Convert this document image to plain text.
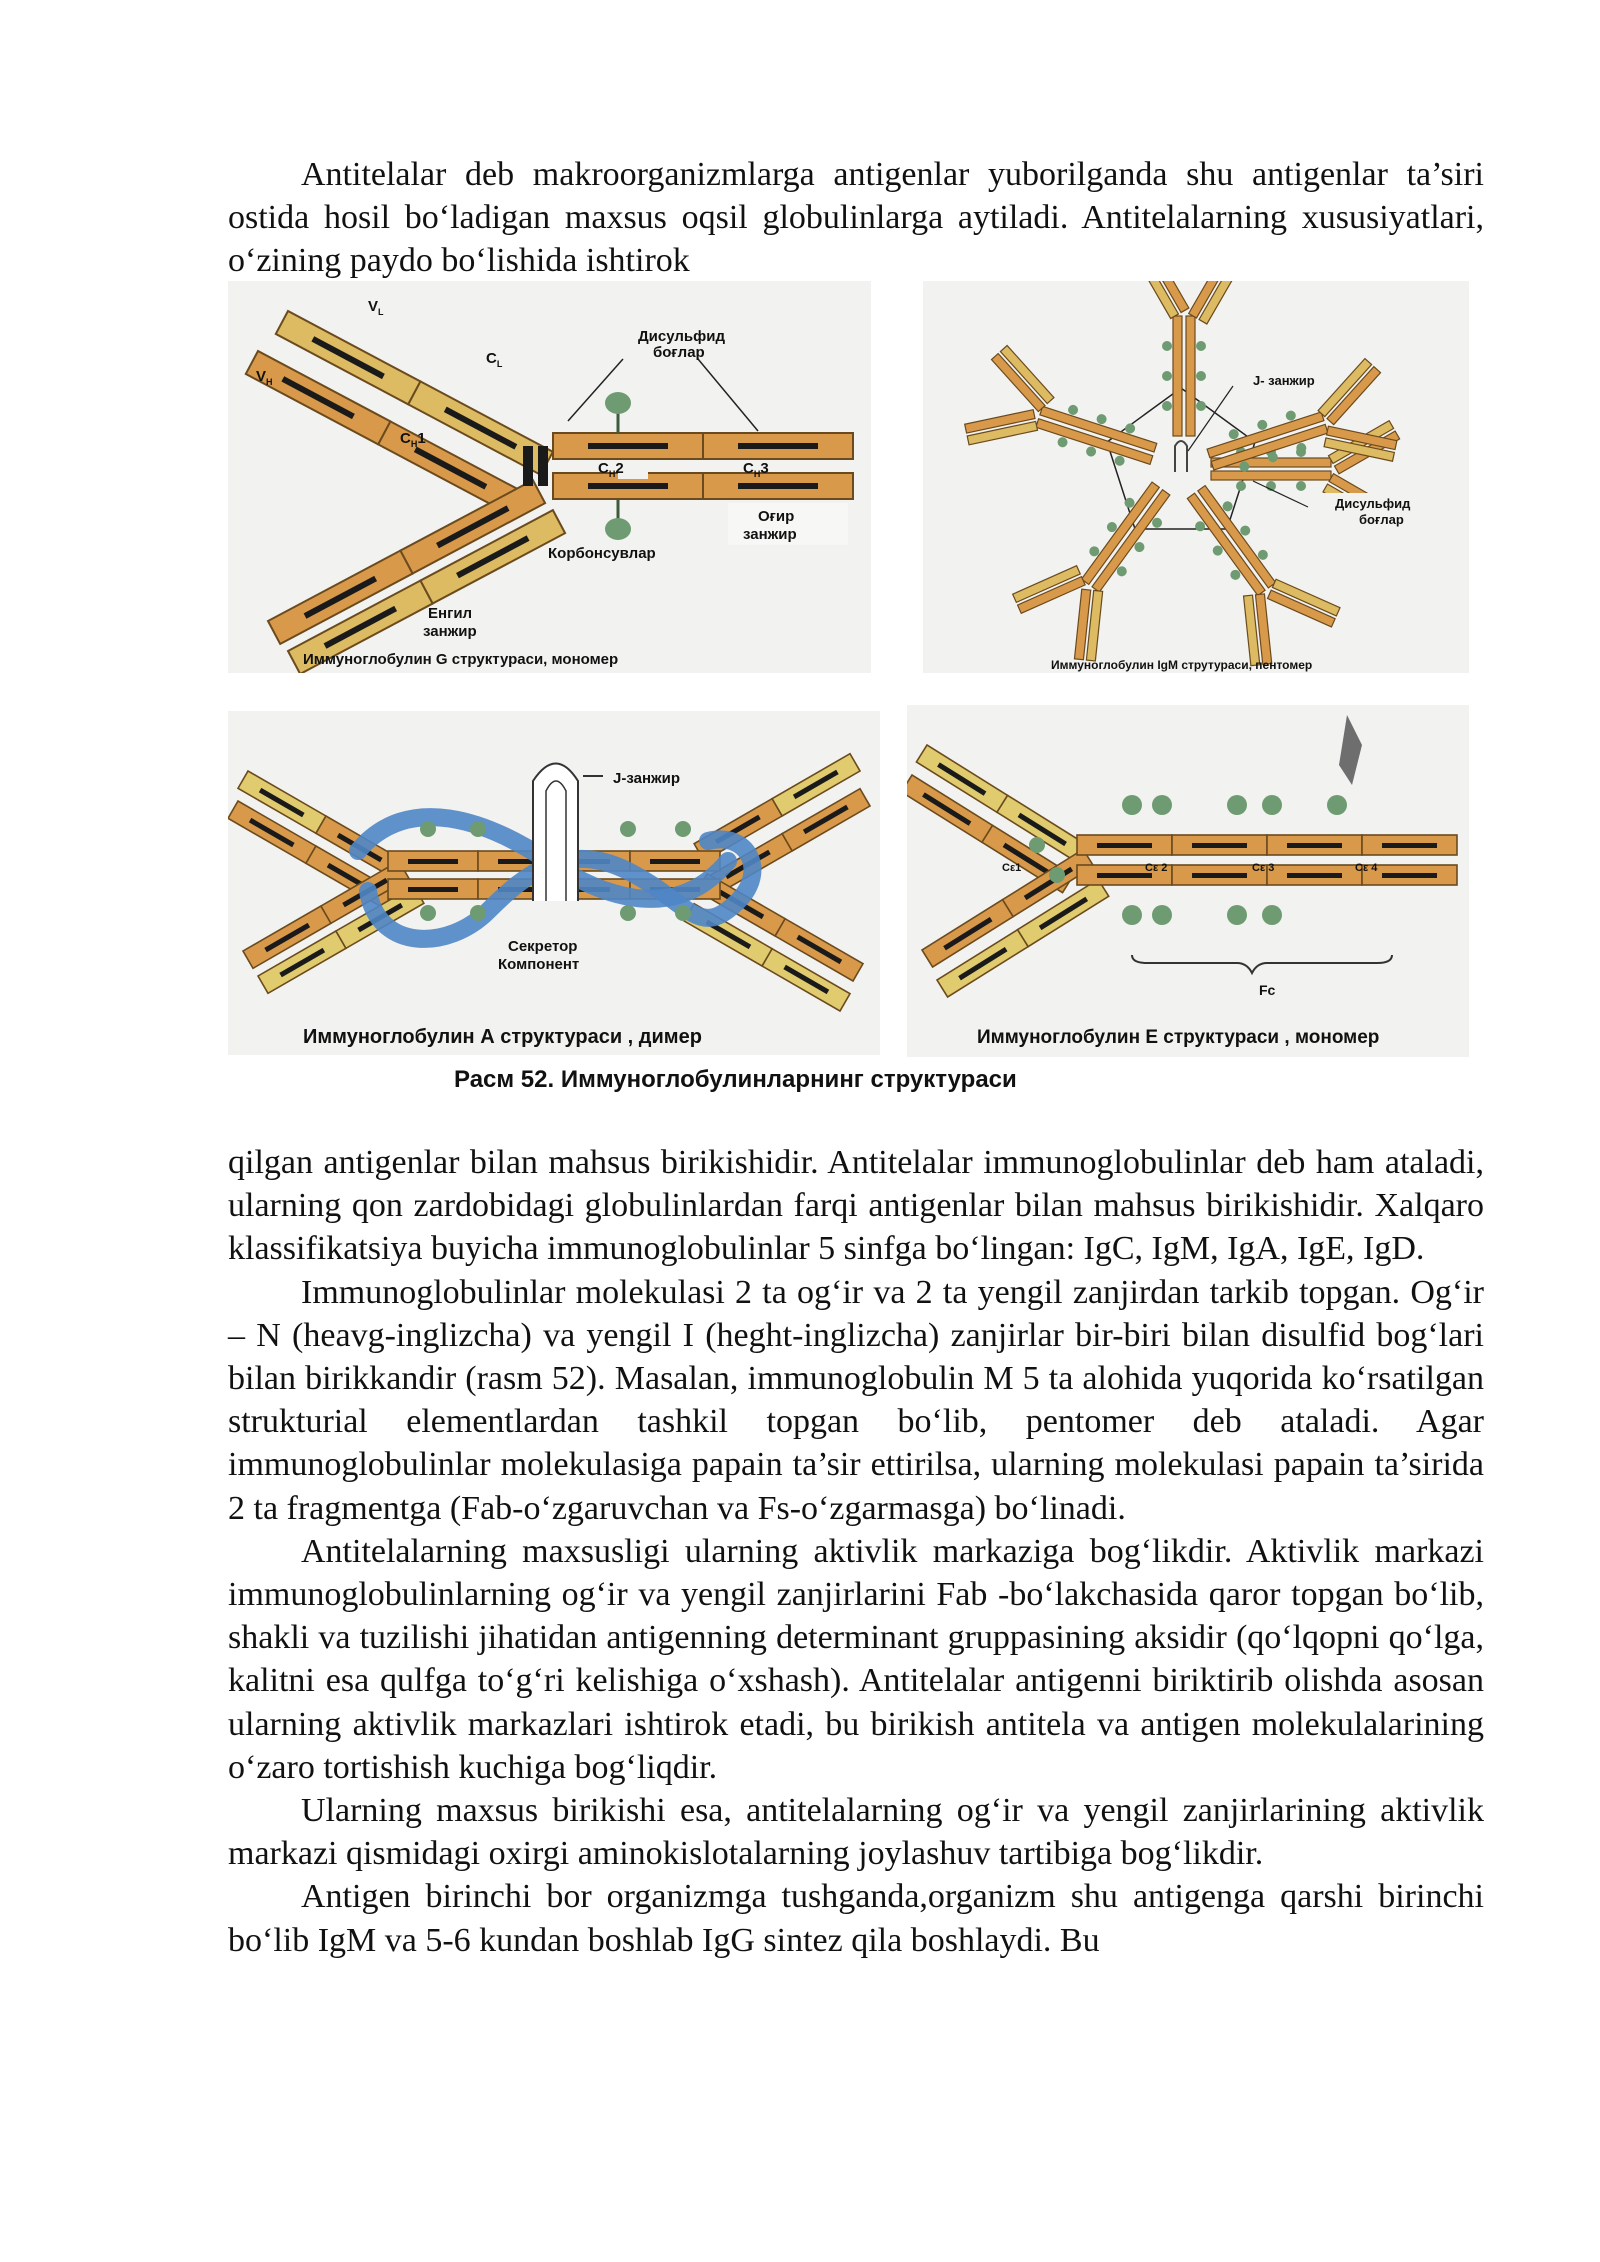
Antitelalar deb makroorganizmlarga antigenlar yuborilganda shu antigenlar ta’siri ostida hosil bo‘ladigan maxsus oqsil globulinlarga aytiladi. Antitelalarning xususiyatlari, o‘zining paydo bo‘lishida ishtirok

Дисульфид
боғлар
$V_L$
$V_H$
$C_L$
$C_H1$
$C_H2$	$C_H3$
Оғир
занжир
Корбонсувлар
Енгил
занжир
Иммуноглобулин G структураси, мономер
J- занжир
Дисульфид
боғлар
Иммуноглобулин IgM струтураси, пентомер
J-занжир
Секретор
Компонент
Иммуноглобулин А структураси , димер
Cε1	Cε 2	Cε 3	Cε 4
Fc
Иммуноглобулин E структураси , мономер
Расм 52. Иммуноглобулинларнинг структураси

qilgan antigenlar bilan mahsus birikishidir. Antitelalar immunoglobulinlar deb ham ataladi, ularning qon zardobidagi globulinlardan farqi antigenlar bilan mahsus birikishidir. Xalqaro klassifikatsiya buyicha immunoglobulinlar 5 sinfga bo‘lingan: IgC, IgM, IgA, IgE, IgD.

Immunoglobulinlar molekulasi 2 ta og‘ir va 2 ta yengil zanjirdan tarkib topgan. Og‘ir – N (heavg-inglizcha) va yengil I (heght-inglizcha) zanjirlar bir-biri bilan disulfid bog‘lari bilan birikkandir (rasm 52). Masalan, immunoglobulin M 5 ta alohida yuqorida ko‘rsatilgan strukturial elementlardan tashkil topgan bo‘lib, pentomer deb ataladi. Agar immunoglobulinlar molekulasiga papain ta’sir ettirilsa, ularning molekulasi papain ta’sirida 2 ta fragmentga (Fab-o‘zgaruvchan va Fs-o‘zgarmasga) bo‘linadi.

Antitelalarning maxsusligi ularning aktivlik markaziga bog‘likdir. Aktivlik markazi immunoglobulinlarning og‘ir va yengil zanjirlarini Fab -bo‘lakchasida qaror topgan bo‘lib, shakli va tuzilishi jihatidan antigenning determinant gruppasining aksidir (qo‘lqopni qo‘lga, kalitni esa qulfga to‘g‘ri kelishiga o‘xshash). Antitelalar antigenni biriktirib olishda asosan ularning aktivlik markazlari ishtirok etadi, bu birikish antitela va antigen molekulalarining o‘zaro tortishish kuchiga bog‘liqdir.

Ularning maxsus birikishi esa, antitelalarning og‘ir va yengil zanjirlarining aktivlik markazi qismidagi oxirgi aminokislotalarning joylashuv tartibiga bog‘likdir.

Antigen birinchi bor organizmga tushganda,organizm shu antigenga qarshi birinchi bo‘lib IgM va 5-6 kundan boshlab IgG sintez qila boshlaydi. Bu
